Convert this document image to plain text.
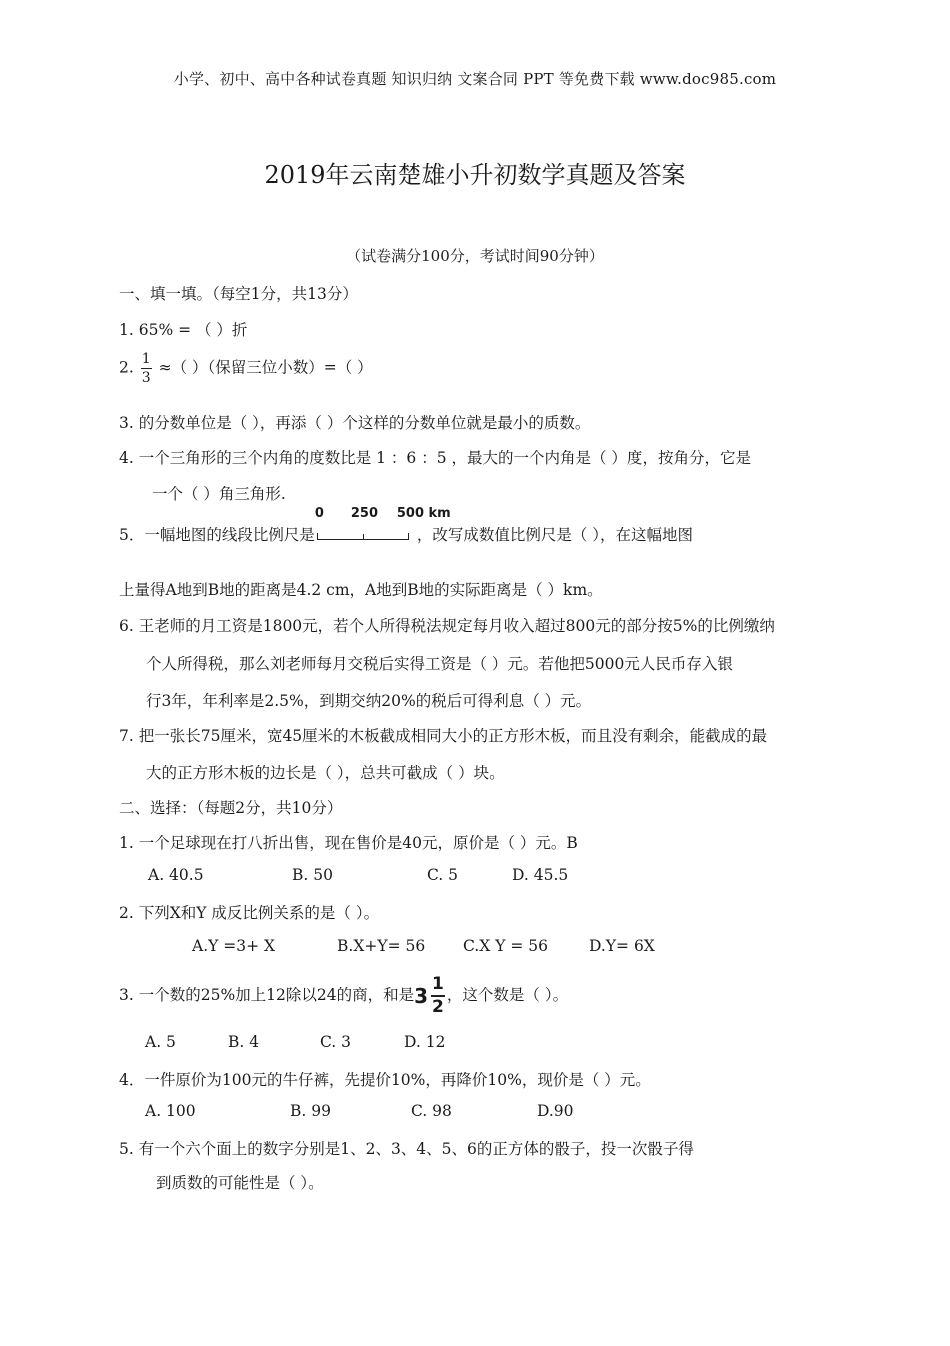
小学、初中、高中各种试卷真题 知识归纳 文案合同 PPT 等免费下载 www.doc985.com
2019年云南楚雄小升初数学真题及答案
（试卷满分100分，考试时间90分钟）
一、填一填。（每空1分，共13分）
1. 65% = （ ）折
2. $\frac{1}{3}$ ≈（ ）（保留三位小数）=（ ）
3. 的分数单位是（ ），再添（ ）个这样的分数单位就是最小的质数。
4. 一个三角形的三个内角的度数比是 1 ：6 ：5 ，最大的一个内角是（ ）度，按角分，它是
一个（ ）角三角形.
5．一幅地图的线段比例尺是
0 250 500 km
，改写成数值比例尺是（ ），在这幅地图
上量得A地到B地的距离是4.2 cm，A地到B地的实际距离是（ ）km。
6. 王老师的月工资是1800元，若个人所得税法规定每月收入超过800元的部分按5%的比例缴纳
个人所得税，那么刘老师每月交税后实得工资是（ ）元。若他把5000元人民币存入银
行3年，年利率是2.5%，到期交纳20%的税后可得利息（ ）元。
7. 把一张长75厘米，宽45厘米的木板截成相同大小的正方形木板，而且没有剩余，能截成的最
大的正方形木板的边长是（ ），总共可截成（ ）块。
二、选择：（每题2分，共10分）
1. 一个足球现在打八折出售，现在售价是40元，原价是（ ）元。B
A. 40.5	B. 50	C. 5	D. 45.5
2. 下列X和Y 成反比例关系的是（ ）。
A.Y =3+ X	B.X+Y= 56 C.X Y = 56	D.Y= 6X
3. 一个数的25%加上12除以24的商，和是 $3 \frac{1}{2}$ ，这个数是（ ）。
A. 5	B. 4	C. 3	D. 12
4．一件原价为100元的牛仔裤，先提价10%，再降价10%，现价是（ ）元。
A. 100	B. 99	C. 98	D.90
5. 有一个六个面上的数字分别是1、2、3、4、5、6的正方体的骰子，投一次骰子得
到质数的可能性是（ ）。
